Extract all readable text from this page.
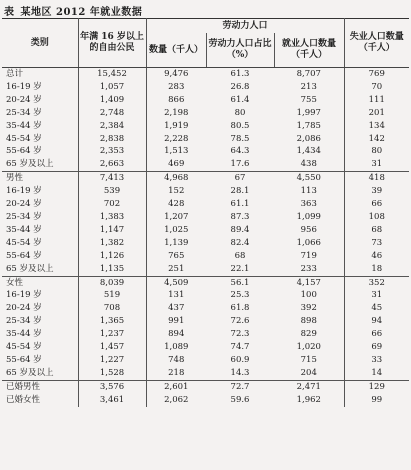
表 某地区 2012 年就业数据
类别	年满 16 岁以上的自由公民	劳动力人口			失业人口数量（千人）
		数量（千人）	劳动力人口占比（%）	就业人口数量（千人）	
总计	15,452	9,476	61.3	8,707	769
16-19 岁	1,057	283	26.8	213	70
20-24 岁	1,409	866	61.4	755	111
25-34 岁	2,748	2,198	80	1,997	201
35-44 岁	2,384	1,919	80.5	1,785	134
45-54 岁	2,838	2,228	78.5	2,086	142
55-64 岁	2,353	1,513	64.3	1,434	80
65 岁及以上	2,663	469	17.6	438	31
男性	7,413	4,968	67	4,550	418
16-19 岁	539	152	28.1	113	39
20-24 岁	702	428	61.1	363	66
25-34 岁	1,383	1,207	87.3	1,099	108
35-44 岁	1,147	1,025	89.4	956	68
45-54 岁	1,382	1,139	82.4	1,066	73
55-64 岁	1,126	765	68	719	46
65 岁及以上	1,135	251	22.1	233	18
女性	8,039	4,509	56.1	4,157	352
16-19 岁	519	131	25.3	100	31
20-24 岁	708	437	61.8	392	45
25-34 岁	1,365	991	72.6	898	94
35-44 岁	1,237	894	72.3	829	66
45-54 岁	1,457	1,089	74.7	1,020	69
55-64 岁	1,227	748	60.9	715	33
65 岁及以上	1,528	218	14.3	204	14
已婚男性	3,576	2,601	72.7	2,471	129
已婚女性	3,461	2,062	59.6	1,962	99
